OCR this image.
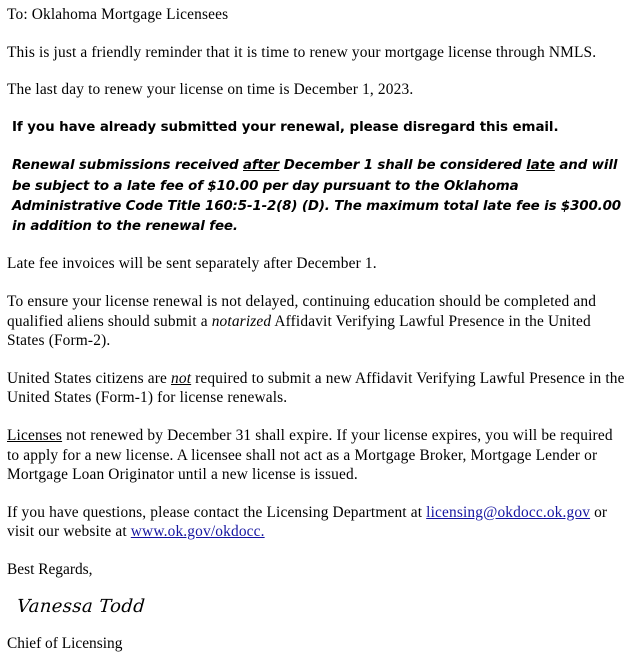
To: Oklahoma Mortgage Licensees

This is just a friendly reminder that it is time to renew your mortgage license through NMLS.

The last day to renew your license on time is December 1, 2023.

If you have already submitted your renewal, please disregard this email.

Renewal submissions received after December 1 shall be considered late and will be subject to a late fee of $10.00 per day pursuant to the Oklahoma Administrative Code Title 160:5-1-2(8) (D). The maximum total late fee is $300.00 in addition to the renewal fee.

Late fee invoices will be sent separately after December 1.

To ensure your license renewal is not delayed, continuing education should be completed and qualified aliens should submit a notarized Affidavit Verifying Lawful Presence in the United States (Form-2).

United States citizens are not required to submit a new Affidavit Verifying Lawful Presence in the United States (Form-1) for license renewals.

Licenses not renewed by December 31 shall expire. If your license expires, you will be required to apply for a new license. A licensee shall not act as a Mortgage Broker, Mortgage Lender or Mortgage Loan Originator until a new license is issued.

If you have questions, please contact the Licensing Department at licensing@okdocc.ok.gov or visit our website at www.ok.gov/okdocc.

Best Regards,

Vanessa Todd

Chief of Licensing
